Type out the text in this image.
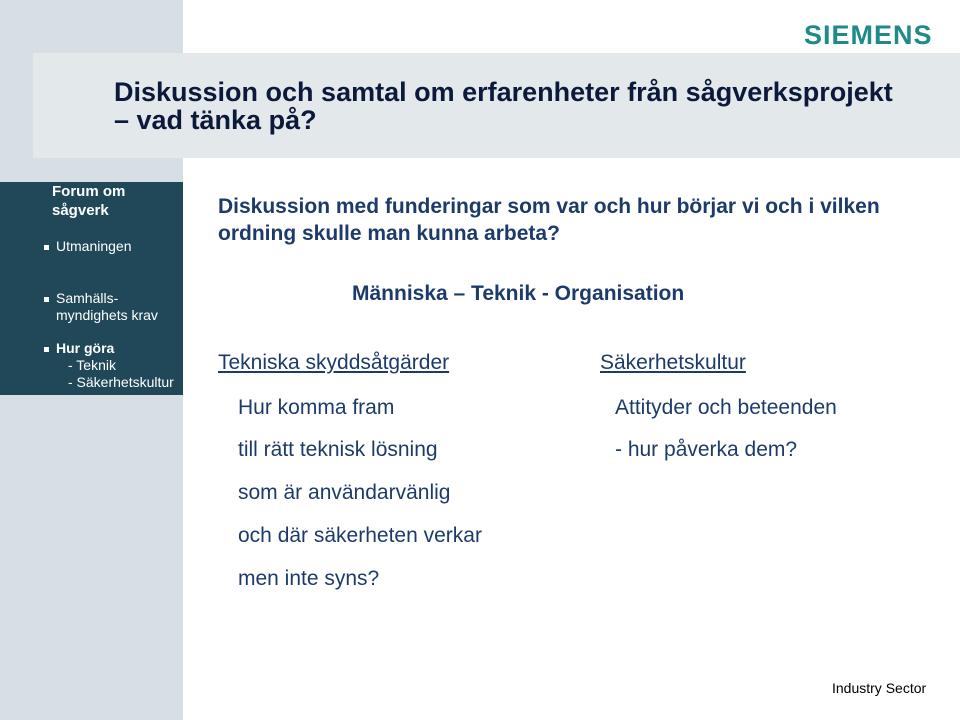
Diskussion och samtal om erfarenheter från sågverksprojekt
– vad tänka på?
SIEMENS
Forum om sågverk
Utmaningen
Samhälls-
myndighets krav
Hur göra
- Teknik
- Säkerhetskultur
Diskussion med funderingar som var och hur börjar vi och i vilken ordning skulle man kunna arbeta?
Människa – Teknik - Organisation
Tekniska skyddsåtgärder
Hur komma fram
till rätt teknisk lösning
som är användarvänlig
och där säkerheten verkar
men inte syns?
Säkerhetskultur
Attityder och beteenden
- hur påverka dem?
Industry Sector
